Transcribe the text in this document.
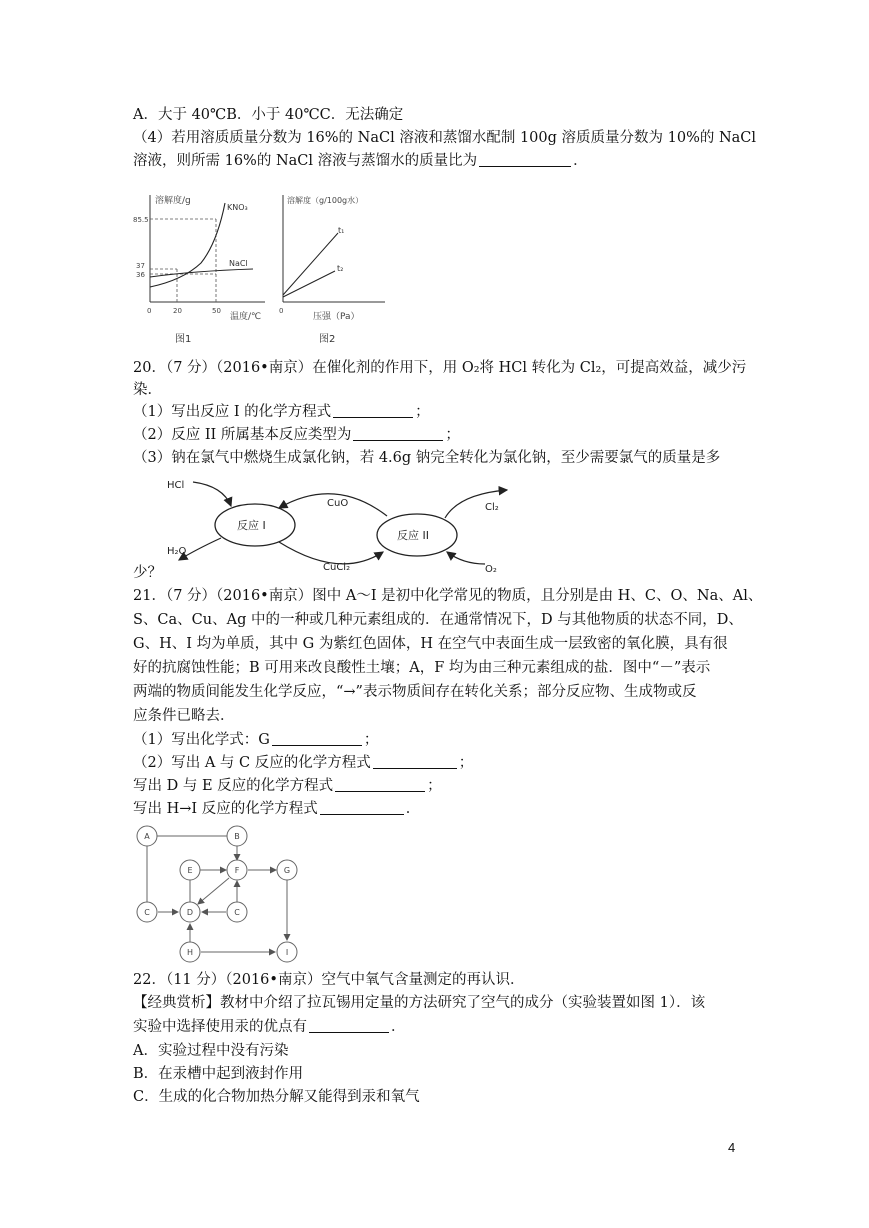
A．大于 40℃B．小于 40℃C．无法确定
（4）若用溶质质量分数为 16%的 NaCl 溶液和蒸馏水配制 100g 溶质质量分数为 10%的 NaCl
溶液，则所需 16%的 NaCl 溶液与蒸馏水的质量比为	．
溶解度/g
85.5
37
36
KNO₃
NaCl
0	20	50
温度/℃
图1
溶解度（g/100g水）
t₁
t₂
0
压强（Pa）
图2
20．（7 分）（2016•南京）在催化剂的作用下，用 O₂将 HCl 转化为 Cl₂，可提高效益，减少污
染．
（1）写出反应 I 的化学方程式	；
（2）反应 II 所属基本反应类型为	；
（3）钠在氯气中燃烧生成氯化钠，若 4.6g 钠完全转化为氯化钠，至少需要氯气的质量是多
反应 I
反应 II
HCl
H₂O
CuO
CuCl₂
Cl₂
O₂
少？
21．（7 分）（2016•南京）图中 A～I 是初中化学常见的物质，且分别是由 H、C、O、Na、Al、
S、Ca、Cu、Ag 中的一种或几种元素组成的．在通常情况下，D 与其他物质的状态不同，D、
G、H、I 均为单质，其中 G 为紫红色固体，H 在空气中表面生成一层致密的氧化膜，具有很
好的抗腐蚀性能；B 可用来改良酸性土壤；A，F 均为由三种元素组成的盐．图中“－”表示
两端的物质间能发生化学反应，“→”表示物质间存在转化关系；部分反应物、生成物或反
应条件已略去．
（1）写出化学式：G	；
（2）写出 A 与 C 反应的化学方程式	；
写出 D 与 E 反应的化学方程式	；
写出 H→I 反应的化学方程式	．
A	B
E	F	G
C	D	C
H	I
22．（11 分）（2016•南京）空气中氧气含量测定的再认识．
【经典赏析】教材中介绍了拉瓦锡用定量的方法研究了空气的成分（实验装置如图 1）．该
实验中选择使用汞的优点有	．
A．实验过程中没有污染
B．在汞槽中起到液封作用
C．生成的化合物加热分解又能得到汞和氧气
4
